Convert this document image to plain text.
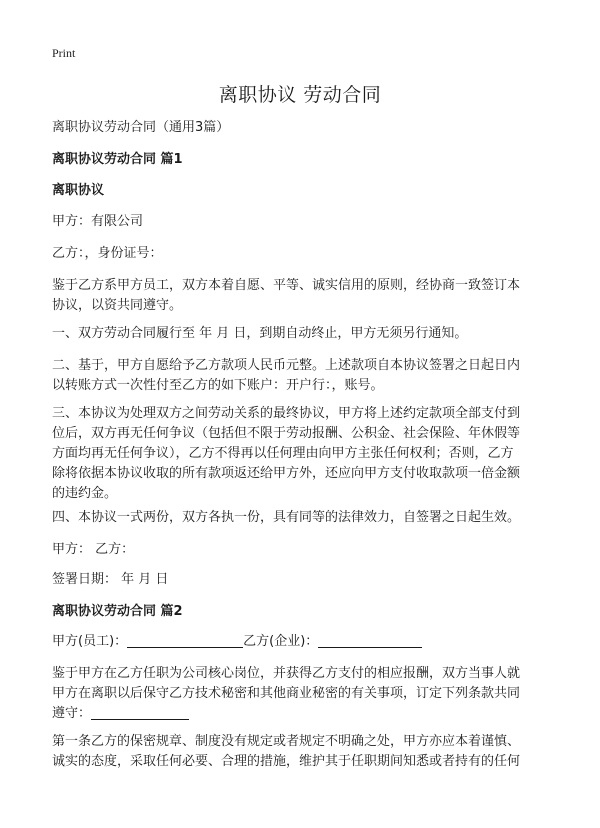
Print
离职协议 劳动合同
离职协议劳动合同（通用3篇）
离职协议劳动合同 篇1
离职协议
甲方：有限公司
乙方：，身份证号：
鉴于乙方系甲方员工，双方本着自愿、平等、诚实信用的原则，经协商一致签订本
协议，以资共同遵守。
一、双方劳动合同履行至 年 月 日，到期自动终止，甲方无须另行通知。
二、基于，甲方自愿给予乙方款项人民币元整。上述款项自本协议签署之日起日内
以转账方式一次性付至乙方的如下账户：开户行：，账号。
三、本协议为处理双方之间劳动关系的最终协议，甲方将上述约定款项全部支付到
位后，双方再无任何争议（包括但不限于劳动报酬、公积金、社会保险、年休假等
方面均再无任何争议），乙方不得再以任何理由向甲方主张任何权利；否则，乙方
除将依据本协议收取的所有款项返还给甲方外，还应向甲方支付收取款项一倍金额
的违约金。
四、本协议一式两份，双方各执一份，具有同等的法律效力，自签署之日起生效。
甲方： 乙方：
签署日期： 年 月 日
离职协议劳动合同 篇2
甲方(员工)：	乙方(企业)：
鉴于甲方在乙方任职为公司核心岗位，并获得乙方支付的相应报酬，双方当事人就
甲方在离职以后保守乙方技术秘密和其他商业秘密的有关事项，订定下列条款共同
遵守：
第一条乙方的保密规章、制度没有规定或者规定不明确之处，甲方亦应本着谨慎、
诚实的态度，采取任何必要、合理的措施，维护其于任职期间知悉或者持有的任何
